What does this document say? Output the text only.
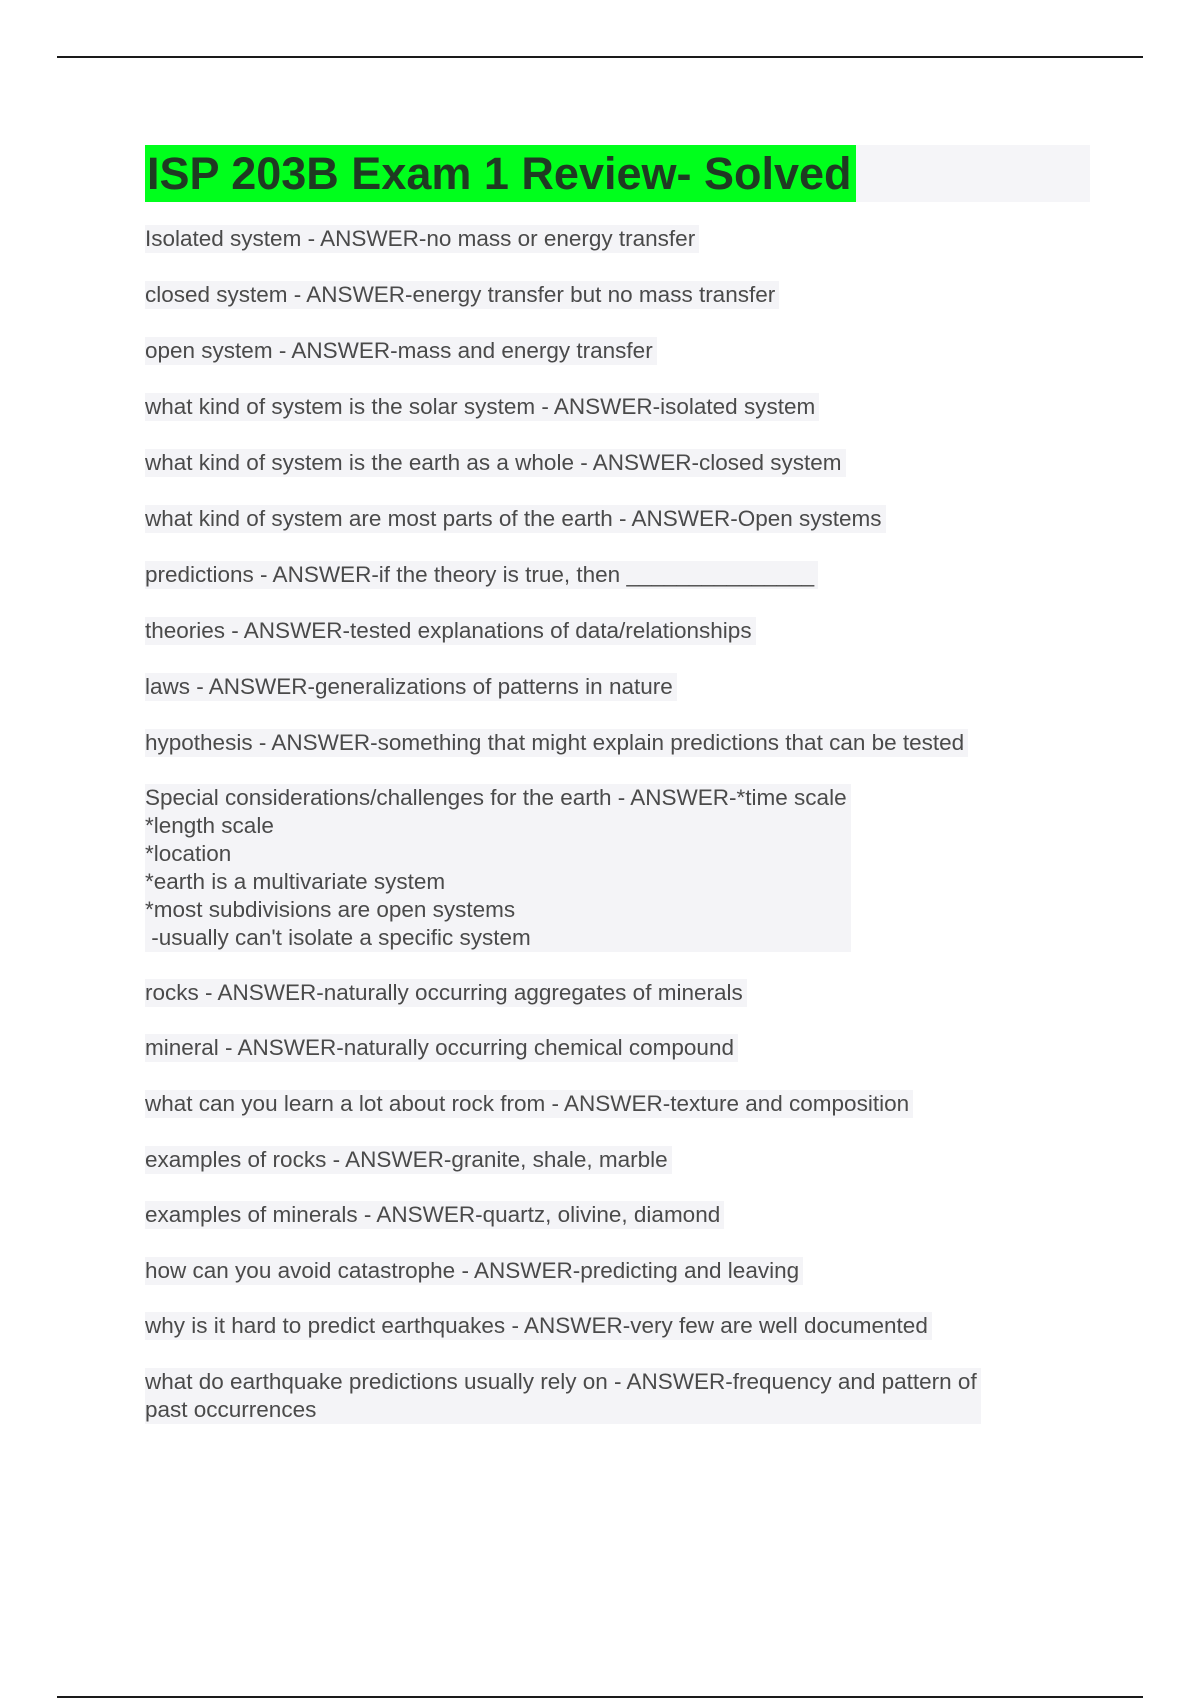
ISP 203B Exam 1 Review- Solved
Isolated system - ANSWER-no mass or energy transfer
closed system - ANSWER-energy transfer but no mass transfer
open system - ANSWER-mass and energy transfer
what kind of system is the solar system - ANSWER-isolated system
what kind of system is the earth as a whole - ANSWER-closed system
what kind of system are most parts of the earth - ANSWER-Open systems
predictions - ANSWER-if the theory is true, then _______________
theories - ANSWER-tested explanations of data/relationships
laws - ANSWER-generalizations of patterns in nature
hypothesis - ANSWER-something that might explain predictions that can be tested
Special considerations/challenges for the earth - ANSWER-*time scale
*length scale
*location
*earth is a multivariate system
*most subdivisions are open systems
-usually can't isolate a specific system
rocks - ANSWER-naturally occurring aggregates of minerals
mineral - ANSWER-naturally occurring chemical compound
what can you learn a lot about rock from - ANSWER-texture and composition
examples of rocks - ANSWER-granite, shale, marble
examples of minerals - ANSWER-quartz, olivine, diamond
how can you avoid catastrophe - ANSWER-predicting and leaving
why is it hard to predict earthquakes - ANSWER-very few are well documented
what do earthquake predictions usually rely on - ANSWER-frequency and pattern of
past occurrences
